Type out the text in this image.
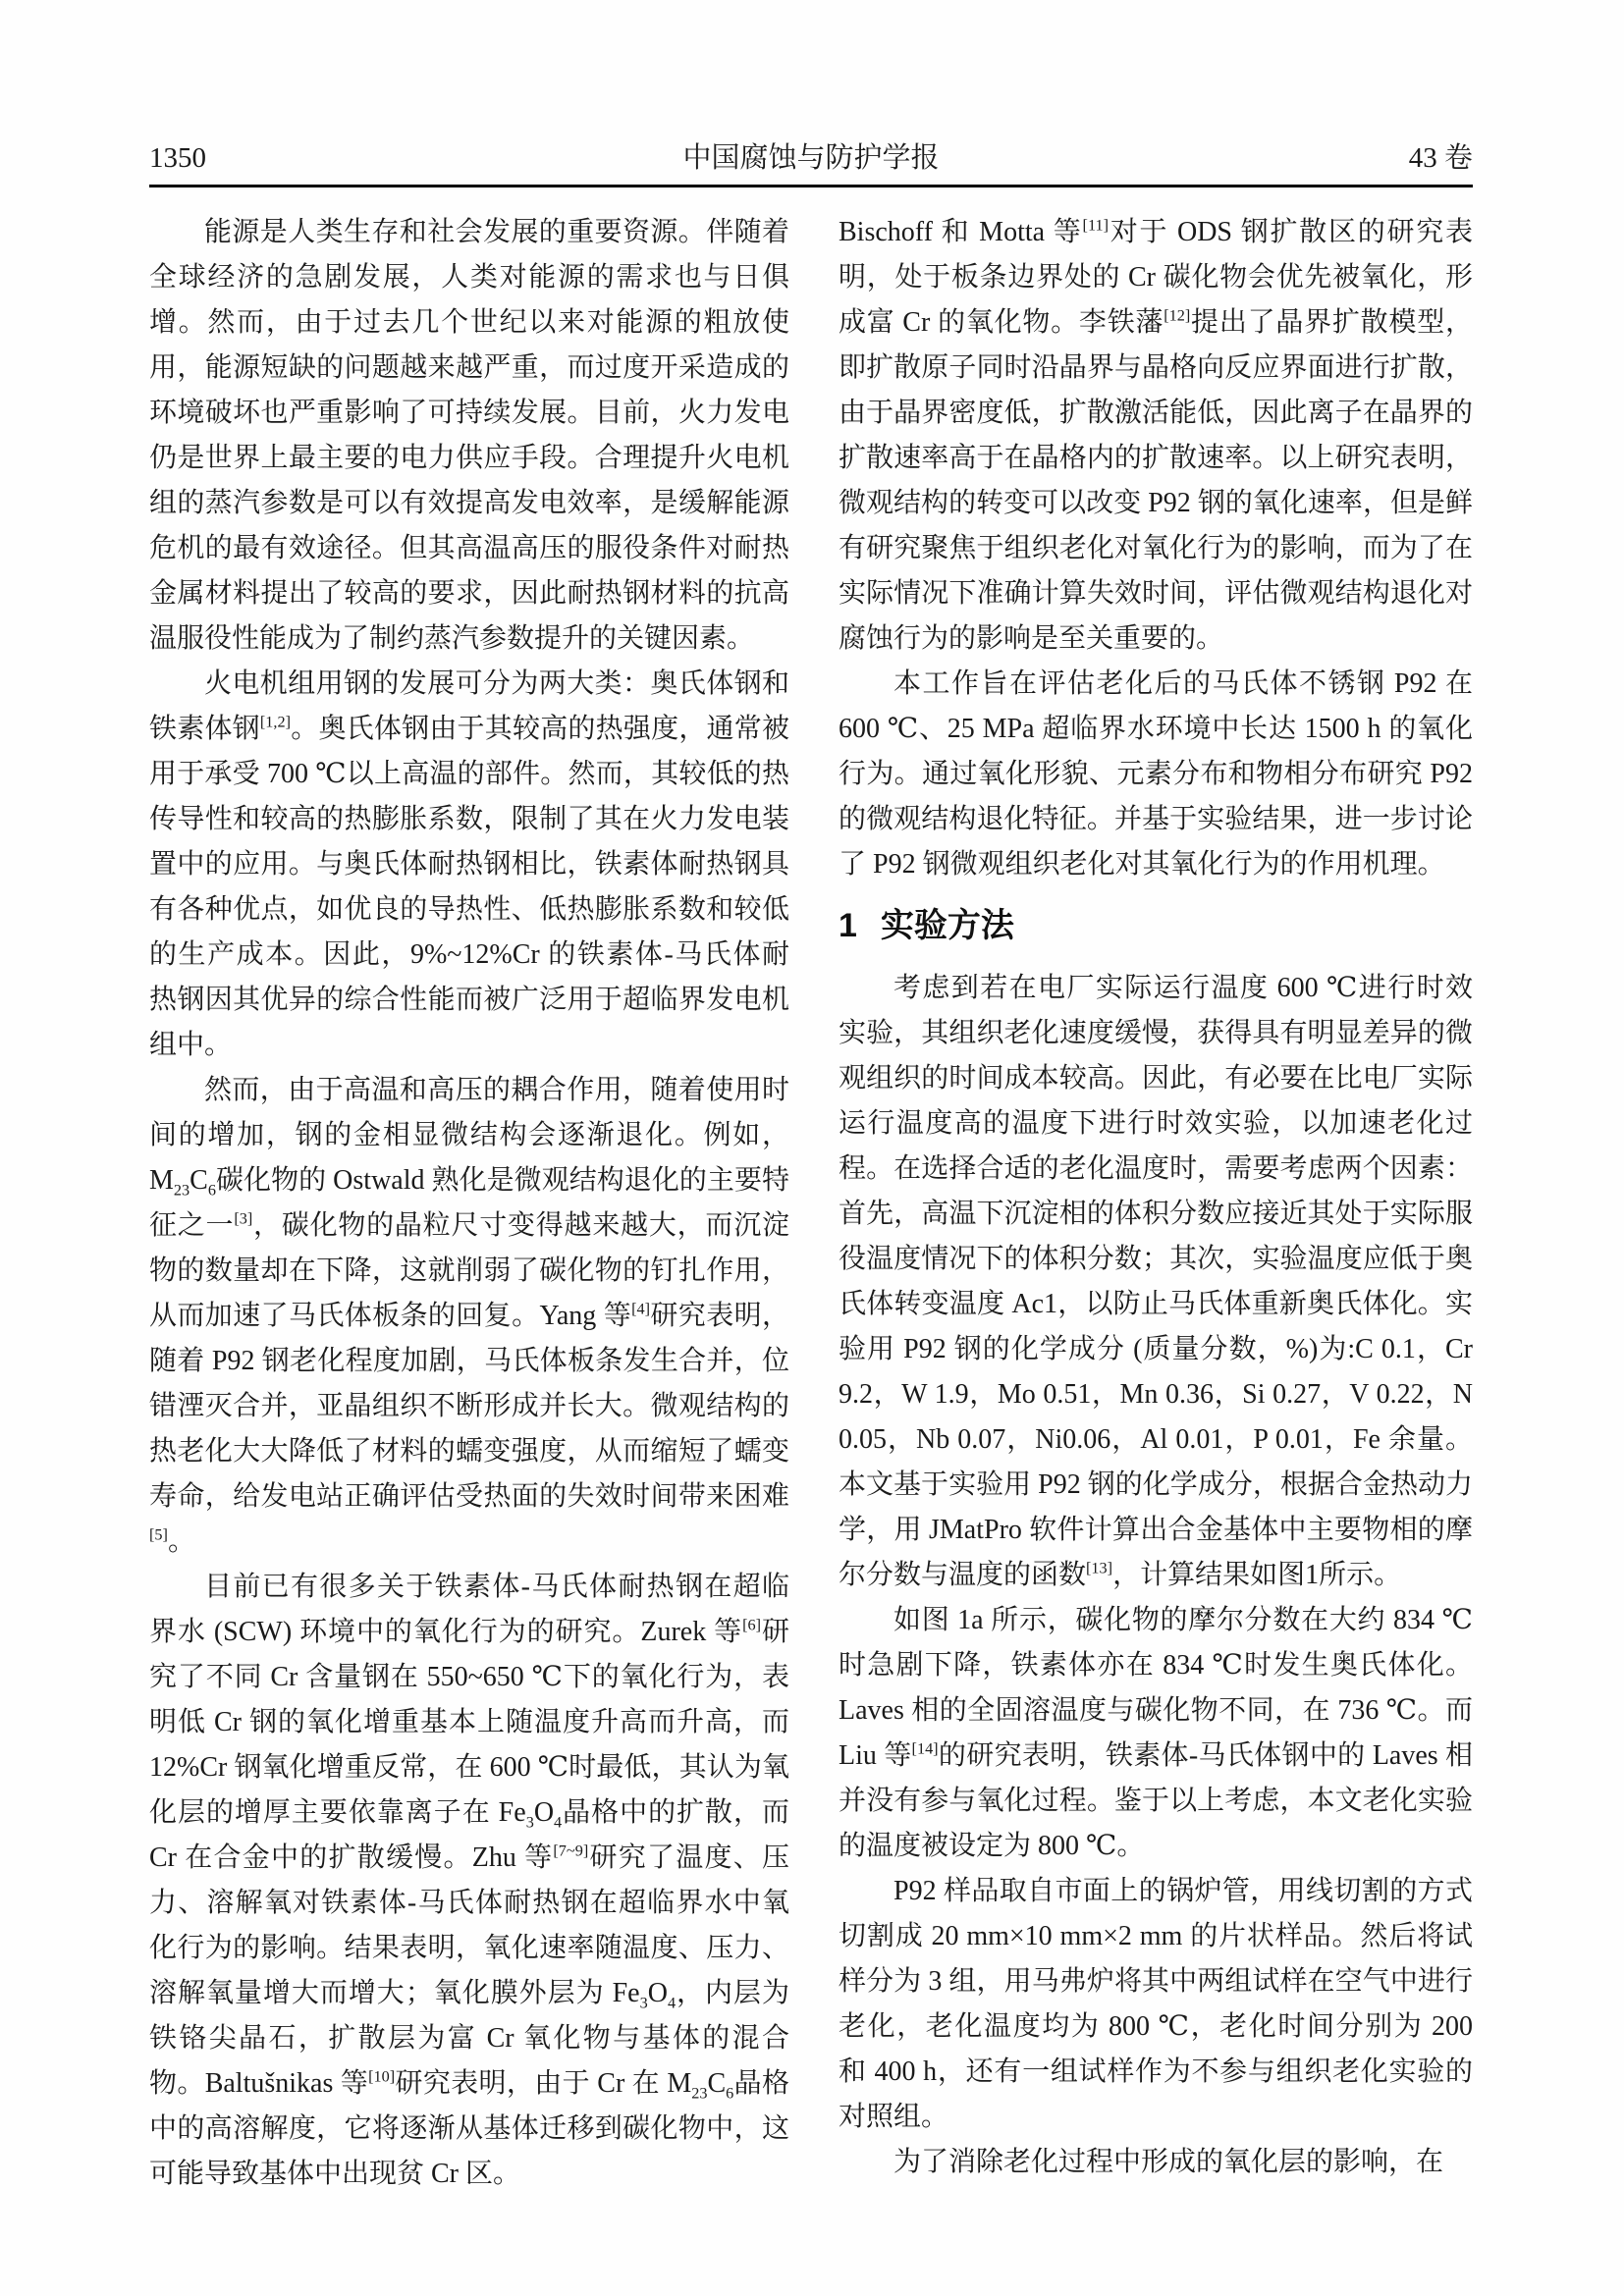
1350	中国腐蚀与防护学报	43 卷

能源是人类生存和社会发展的重要资源。伴随着全球经济的急剧发展，人类对能源的需求也与日俱增。然而，由于过去几个世纪以来对能源的粗放使用，能源短缺的问题越来越严重，而过度开采造成的环境破坏也严重影响了可持续发展。目前，火力发电仍是世界上最主要的电力供应手段。合理提升火电机组的蒸汽参数是可以有效提高发电效率，是缓解能源危机的最有效途径。但其高温高压的服役条件对耐热金属材料提出了较高的要求，因此耐热钢材料的抗高温服役性能成为了制约蒸汽参数提升的关键因素。

火电机组用钢的发展可分为两大类：奥氏体钢和铁素体钢[1,2]。奥氏体钢由于其较高的热强度，通常被用于承受 700 ℃以上高温的部件。然而，其较低的热传导性和较高的热膨胀系数，限制了其在火力发电装置中的应用。与奥氏体耐热钢相比，铁素体耐热钢具有各种优点，如优良的导热性、低热膨胀系数和较低的生产成本。因此，9%~12%Cr 的铁素体-马氏体耐热钢因其优异的综合性能而被广泛用于超临界发电机组中。

然而，由于高温和高压的耦合作用，随着使用时间的增加，钢的金相显微结构会逐渐退化。例如，$M_{23}C_6$碳化物的 Ostwald 熟化是微观结构退化的主要特征之一[3]，碳化物的晶粒尺寸变得越来越大，而沉淀物的数量却在下降，这就削弱了碳化物的钉扎作用，从而加速了马氏体板条的回复。Yang 等[4]研究表明，随着 P92 钢老化程度加剧，马氏体板条发生合并，位错湮灭合并，亚晶组织不断形成并长大。微观结构的热老化大大降低了材料的蠕变强度，从而缩短了蠕变寿命，给发电站正确评估受热面的失效时间带来困难[5]。

目前已有很多关于铁素体-马氏体耐热钢在超临界水 (SCW) 环境中的氧化行为的研究。Zurek 等[6]研究了不同 Cr 含量钢在 550~650 ℃下的氧化行为，表明低 Cr 钢的氧化增重基本上随温度升高而升高，而 12%Cr 钢氧化增重反常，在 600 ℃时最低，其认为氧化层的增厚主要依靠离子在 $Fe_3O_4$晶格中的扩散，而 Cr 在合金中的扩散缓慢。Zhu 等[7~9]研究了温度、压力、溶解氧对铁素体-马氏体耐热钢在超临界水中氧化行为的影响。结果表明，氧化速率随温度、压力、溶解氧量增大而增大；氧化膜外层为 $Fe_3O_4$，内层为铁铬尖晶石，扩散层为富 Cr 氧化物与基体的混合物。Baltušnikas 等[10]研究表明，由于 Cr 在 $M_{23}C_6$晶格中的高溶解度，它将逐渐从基体迁移到碳化物中，这可能导致基体中出现贫 Cr 区。

Bischoff 和 Motta 等[11]对于 ODS 钢扩散区的研究表明，处于板条边界处的 Cr 碳化物会优先被氧化，形成富 Cr 的氧化物。李铁藩[12]提出了晶界扩散模型，即扩散原子同时沿晶界与晶格向反应界面进行扩散，由于晶界密度低，扩散激活能低，因此离子在晶界的扩散速率高于在晶格内的扩散速率。以上研究表明，微观结构的转变可以改变 P92 钢的氧化速率，但是鲜有研究聚焦于组织老化对氧化行为的影响，而为了在实际情况下准确计算失效时间，评估微观结构退化对腐蚀行为的影响是至关重要的。

本工作旨在评估老化后的马氏体不锈钢 P92 在 600 ℃、25 MPa 超临界水环境中长达 1500 h 的氧化行为。通过氧化形貌、元素分布和物相分布研究 P92 的微观结构退化特征。并基于实验结果，进一步讨论了 P92 钢微观组织老化对其氧化行为的作用机理。

1 实验方法

考虑到若在电厂实际运行温度 600 ℃进行时效实验，其组织老化速度缓慢，获得具有明显差异的微观组织的时间成本较高。因此，有必要在比电厂实际运行温度高的温度下进行时效实验，以加速老化过程。在选择合适的老化温度时，需要考虑两个因素：首先，高温下沉淀相的体积分数应接近其处于实际服役温度情况下的体积分数；其次，实验温度应低于奥氏体转变温度 Ac1，以防止马氏体重新奥氏体化。实验用 P92 钢的化学成分 (质量分数，%)为:C 0.1，Cr 9.2，W 1.9，Mo 0.51，Mn 0.36，Si 0.27，V 0.22，N 0.05，Nb 0.07，Ni0.06，Al 0.01，P 0.01，Fe 余量。本文基于实验用 P92 钢的化学成分，根据合金热动力学，用 JMatPro 软件计算出合金基体中主要物相的摩尔分数与温度的函数[13]，计算结果如图1所示。

如图 1a 所示，碳化物的摩尔分数在大约 834 ℃时急剧下降，铁素体亦在 834 ℃时发生奥氏体化。Laves 相的全固溶温度与碳化物不同，在 736 ℃。而 Liu 等[14]的研究表明，铁素体-马氏体钢中的 Laves 相并没有参与氧化过程。鉴于以上考虑，本文老化实验的温度被设定为 800 ℃。

P92 样品取自市面上的锅炉管，用线切割的方式切割成 20 mm×10 mm×2 mm 的片状样品。然后将试样分为 3 组，用马弗炉将其中两组试样在空气中进行老化，老化温度均为 800 ℃，老化时间分别为 200 和 400 h，还有一组试样作为不参与组织老化实验的对照组。

为了消除老化过程中形成的氧化层的影响，在
